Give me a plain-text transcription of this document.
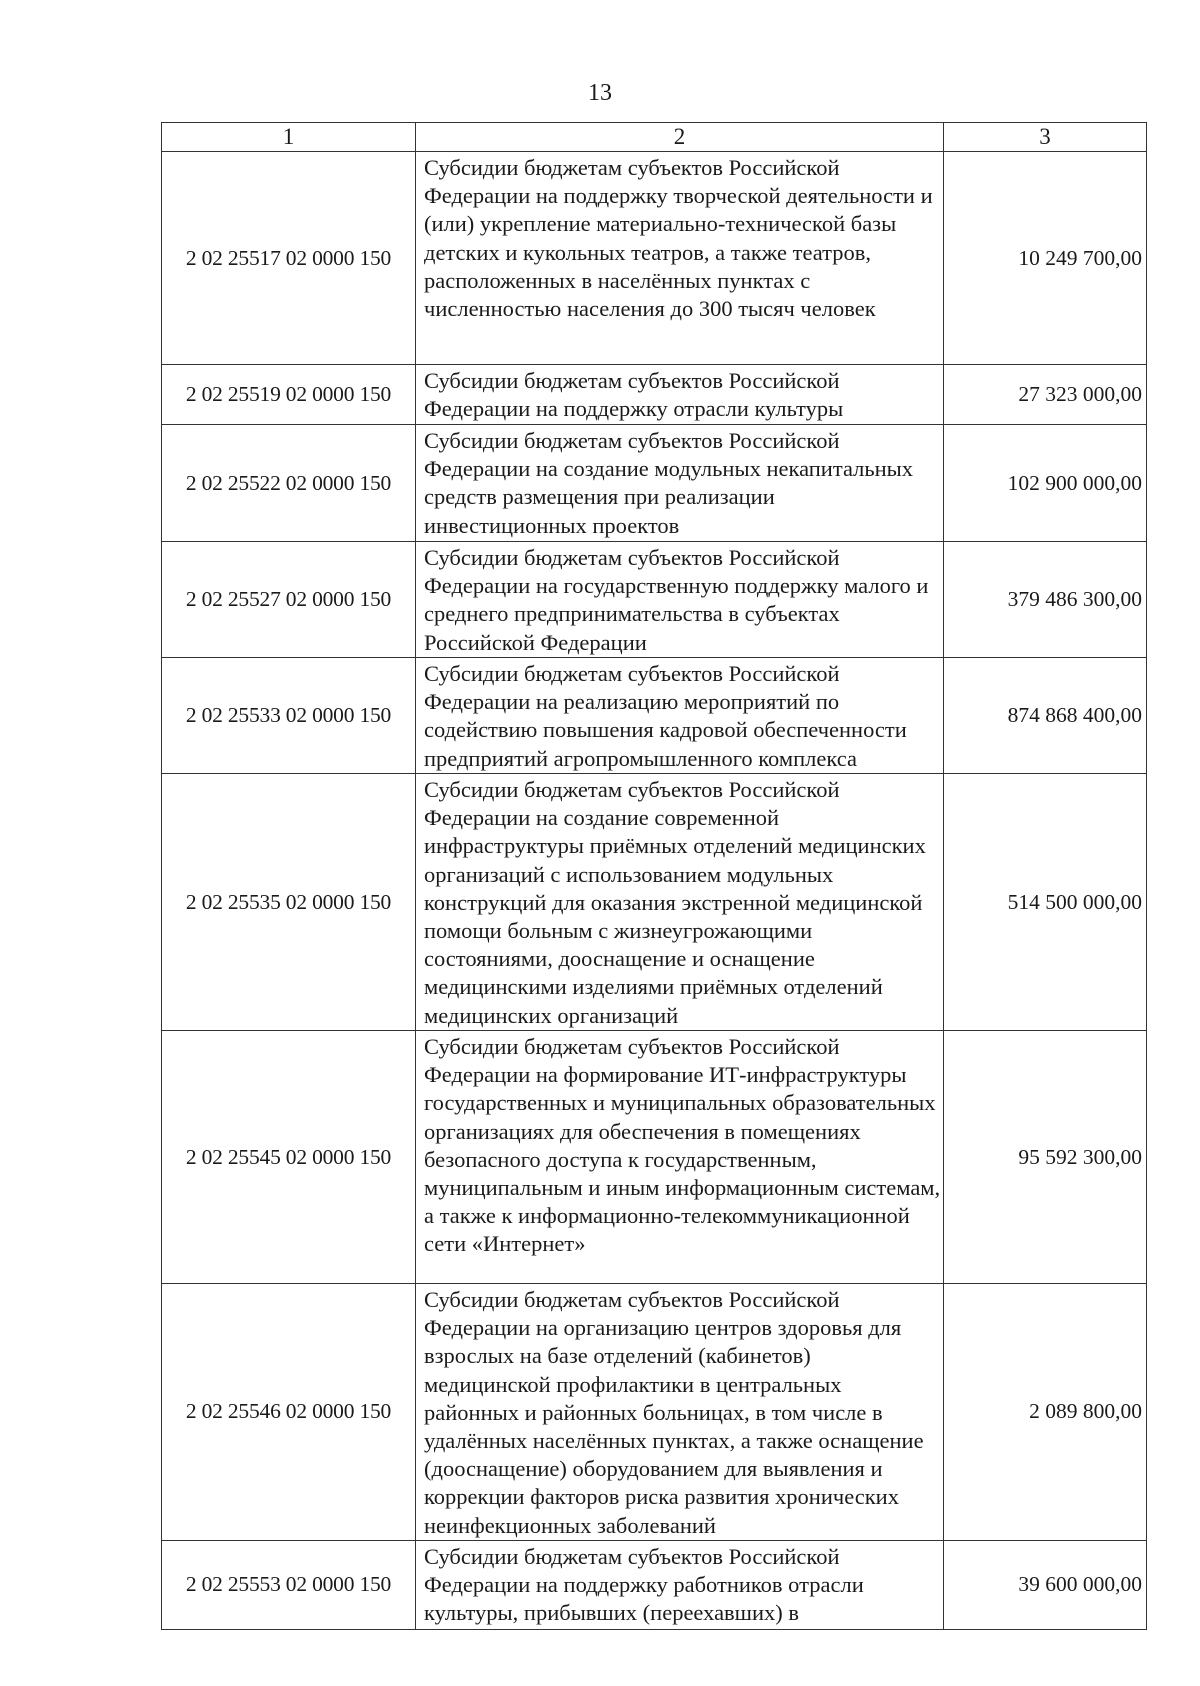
13
1	2	3
2 02 25517 02 0000 150	Субсидии бюджетам субъектов Российской Федерации на поддержку творческой деятельности и (или) укрепление материально-технической базы детских и кукольных театров, а также театров, расположенных в населённых пунктах с численностью населения до 300 тысяч человек	10 249 700,00
2 02 25519 02 0000 150	Субсидии бюджетам субъектов Российской Федерации на поддержку отрасли культуры	27 323 000,00
2 02 25522 02 0000 150	Субсидии бюджетам субъектов Российской Федерации на создание модульных некапитальных средств размещения при реализации инвестиционных проектов	102 900 000,00
2 02 25527 02 0000 150	Субсидии бюджетам субъектов Российской Федерации на государственную поддержку малого и среднего предпринимательства в субъектах Российской Федерации	379 486 300,00
2 02 25533 02 0000 150	Субсидии бюджетам субъектов Российской Федерации на реализацию мероприятий по содействию повышения кадровой обеспеченности предприятий агропромышленного комплекса	874 868 400,00
2 02 25535 02 0000 150	Субсидии бюджетам субъектов Российской Федерации на создание современной инфраструктуры приёмных отделений медицинских организаций с использованием модульных конструкций для оказания экстренной медицинской помощи больным с жизнеугрожающими состояниями, дооснащение и оснащение медицинскими изделиями приёмных отделений медицинских организаций	514 500 000,00
2 02 25545 02 0000 150	Субсидии бюджетам субъектов Российской Федерации на формирование ИТ-инфраструктуры государственных и муниципальных образовательных организациях для обеспечения в помещениях безопасного доступа к государственным, муниципальным и иным информационным системам, а также к информационно-телекоммуникационной сети «Интернет»	95 592 300,00
2 02 25546 02 0000 150	Субсидии бюджетам субъектов Российской Федерации на организацию центров здоровья для взрослых на базе отделений (кабинетов) медицинской профилактики в центральных районных и районных больницах, в том числе в удалённых населённых пунктах, а также оснащение (дооснащение) оборудованием для выявления и коррекции факторов риска развития хронических неинфекционных заболеваний	2 089 800,00
2 02 25553 02 0000 150	Субсидии бюджетам субъектов Российской Федерации на поддержку работников отрасли культуры, прибывших (переехавших) в	39 600 000,00
